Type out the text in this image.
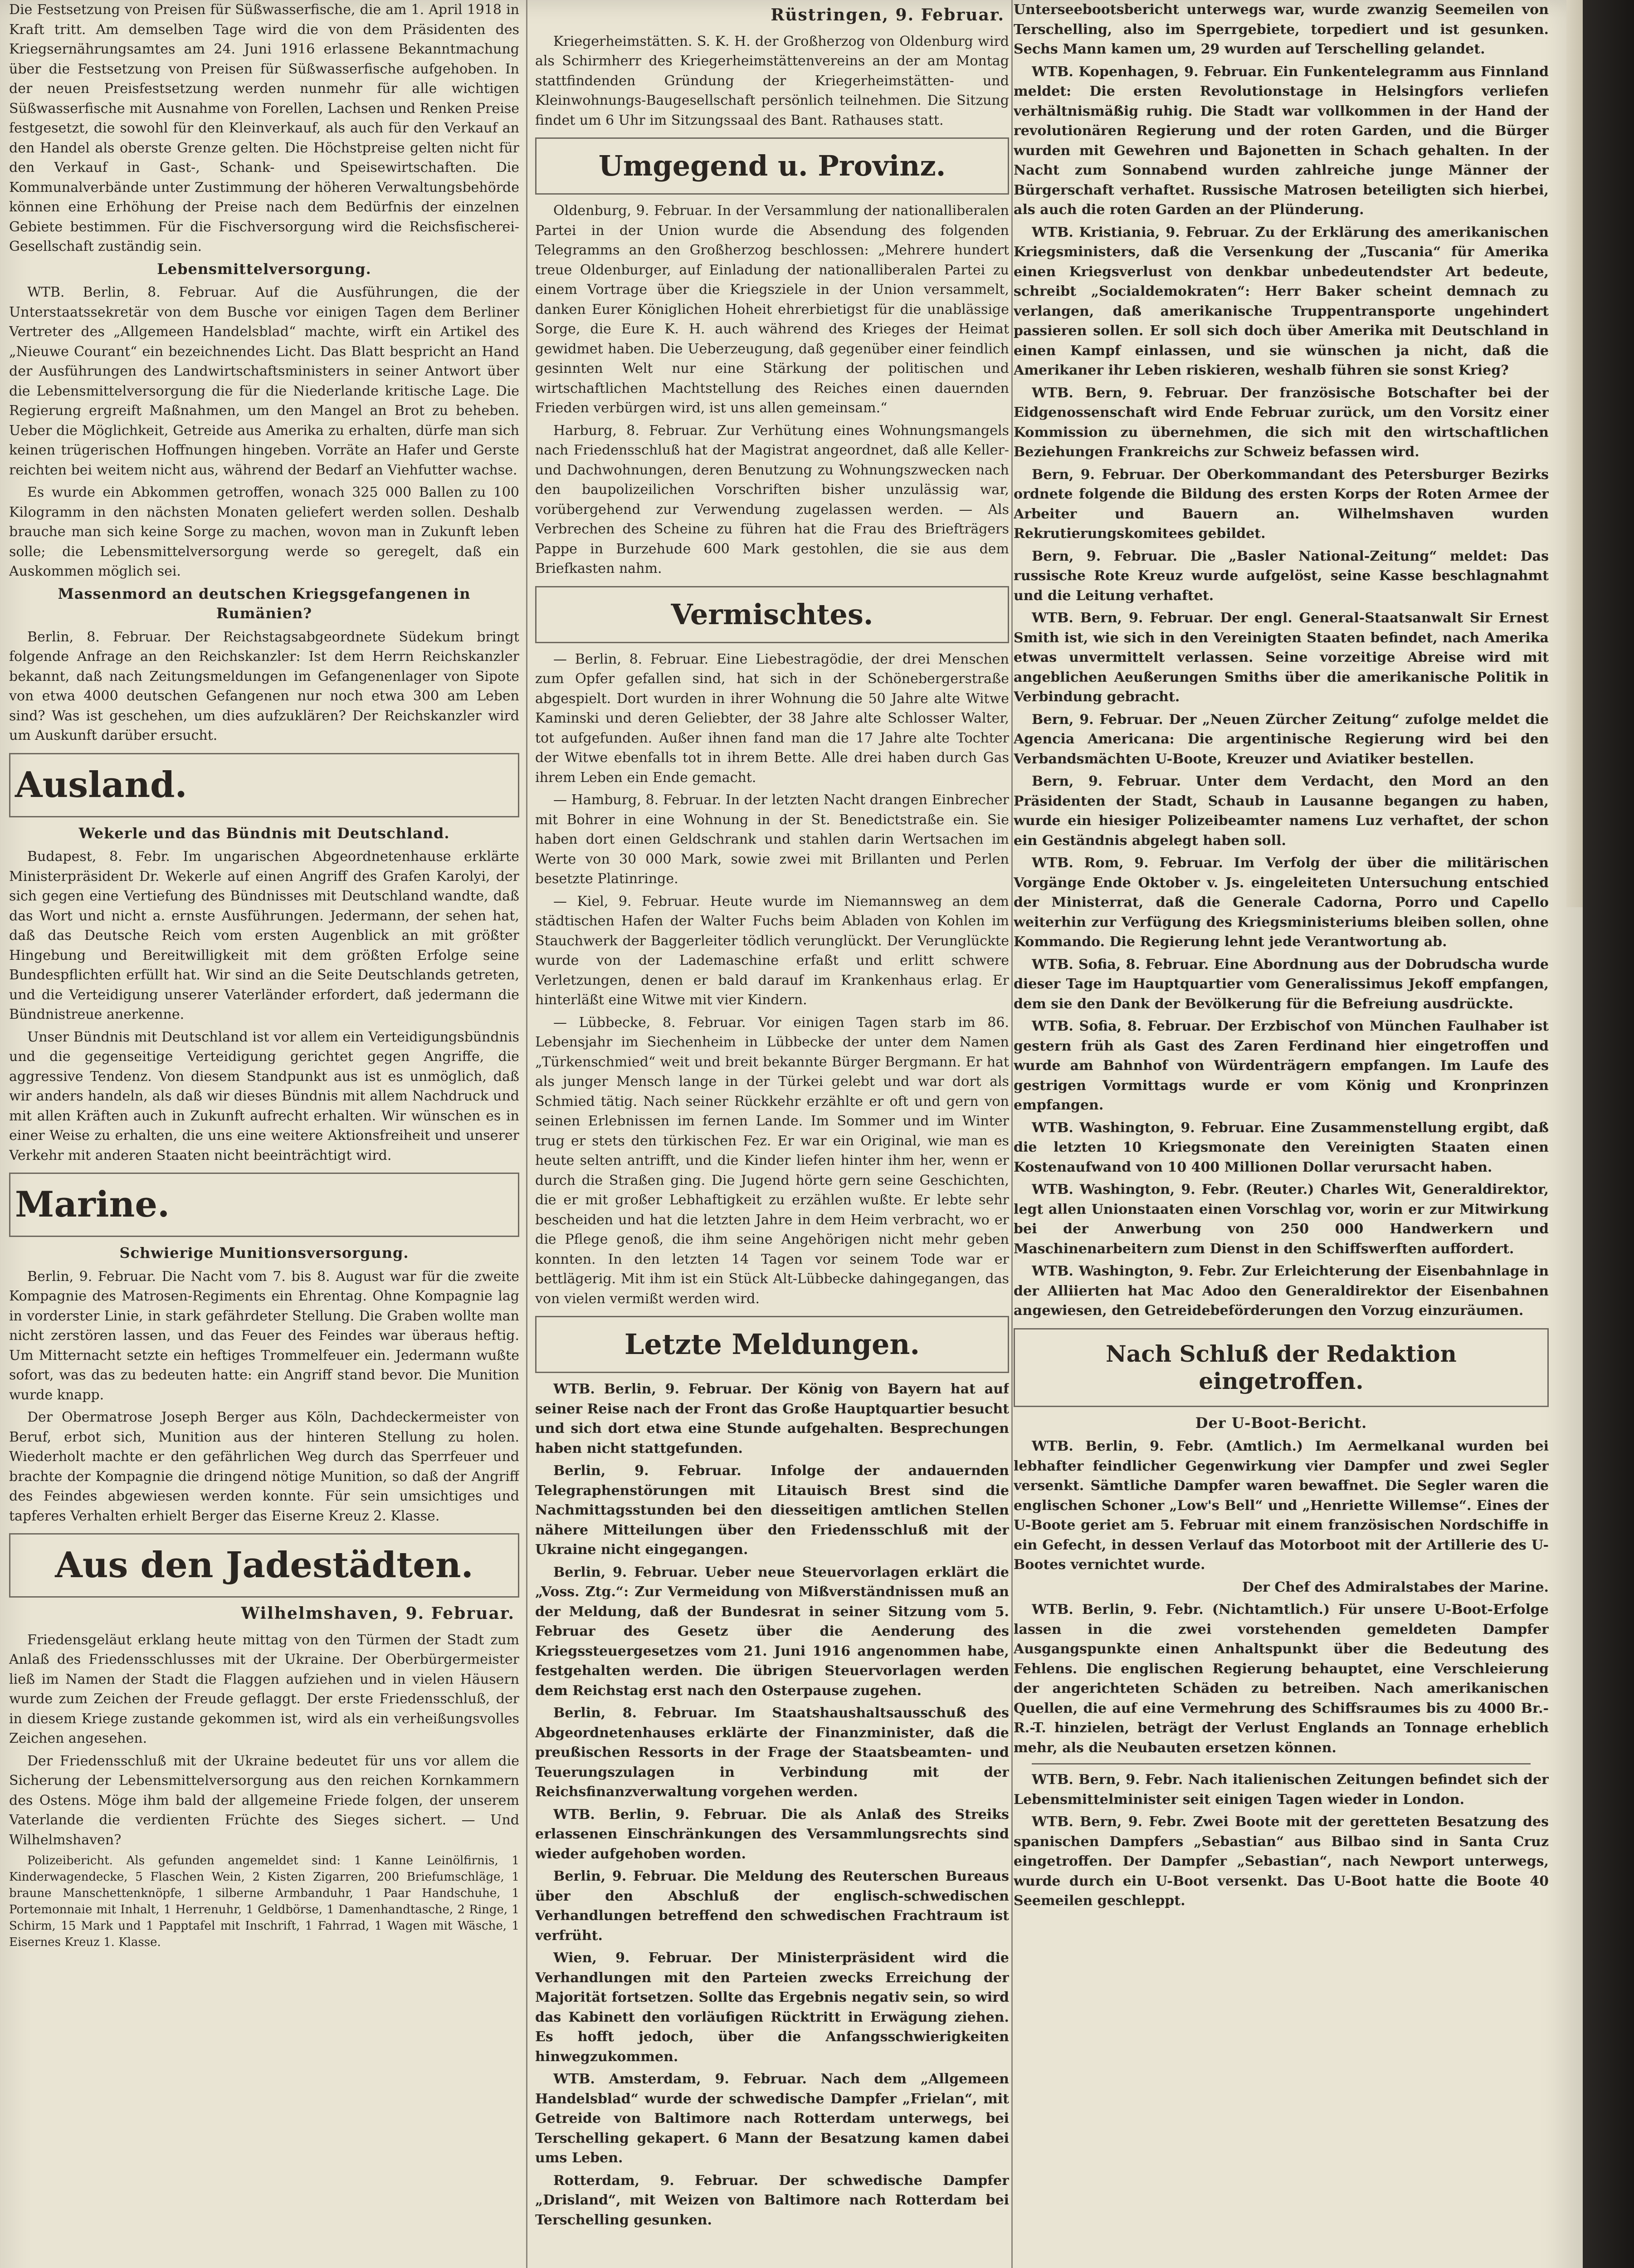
Die Festsetzung von Preisen für Süßwasserfische, die am 1. April 1918 in Kraft tritt. Am demselben Tage wird die von dem Präsidenten des Kriegsernährungsamtes am 24. Juni 1916 erlassene Bekanntmachung über die Festsetzung von Preisen für Süßwasserfische aufgehoben. In der neuen Preisfestsetzung werden nunmehr für alle wichtigen Süßwasserfische mit Ausnahme von Forellen, Lachsen und Renken Preise festgesetzt, die sowohl für den Kleinverkauf, als auch für den Verkauf an den Handel als oberste Grenze gelten. Die Höchstpreise gelten nicht für den Verkauf in Gast-, Schank- und Speisewirtschaften. Die Kommunalverbände unter Zustimmung der höheren Verwaltungsbehörde können eine Erhöhung der Preise nach dem Bedürfnis der einzelnen Gebiete bestimmen. Für die Fischversorgung wird die Reichsfischerei-Gesellschaft zuständig sein.

Lebensmittelversorgung.

WTB. Berlin, 8. Februar. Auf die Ausführungen, die der Unterstaatssekretär von dem Busche vor einigen Tagen dem Berliner Vertreter des „Allgemeen Handelsblad“ machte, wirft ein Artikel des „Nieuwe Courant“ ein bezeichnendes Licht. Das Blatt bespricht an Hand der Ausführungen des Landwirtschaftsministers in seiner Antwort über die Lebensmittelversorgung die für die Niederlande kritische Lage. Die Regierung ergreift Maßnahmen, um den Mangel an Brot zu beheben. Ueber die Möglichkeit, Getreide aus Amerika zu erhalten, dürfe man sich keinen trügerischen Hoffnungen hingeben. Vorräte an Hafer und Gerste reichten bei weitem nicht aus, während der Bedarf an Viehfutter wachse.

Es wurde ein Abkommen getroffen, wonach 325 000 Ballen zu 100 Kilogramm in den nächsten Monaten geliefert werden sollen. Deshalb brauche man sich keine Sorge zu machen, wovon man in Zukunft leben solle; die Lebensmittelversorgung werde so geregelt, daß ein Auskommen möglich sei.

Massenmord an deutschen Kriegsgefangenen in Rumänien?

Berlin, 8. Februar. Der Reichstagsabgeordnete Südekum bringt folgende Anfrage an den Reichskanzler: Ist dem Herrn Reichskanzler bekannt, daß nach Zeitungsmeldungen im Gefangenenlager von Sipote von etwa 4000 deutschen Gefangenen nur noch etwa 300 am Leben sind? Was ist geschehen, um dies aufzuklären? Der Reichskanzler wird um Auskunft darüber ersucht.

Ausland.
Wekerle und das Bündnis mit Deutschland.

Budapest, 8. Febr. Im ungarischen Abgeordnetenhause erklärte Ministerpräsident Dr. Wekerle auf einen Angriff des Grafen Karolyi, der sich gegen eine Vertiefung des Bündnisses mit Deutschland wandte, daß das Wort und nicht a. ernste Ausführungen. Jedermann, der sehen hat, daß das Deutsche Reich vom ersten Augenblick an mit größter Hingebung und Bereitwilligkeit mit dem größten Erfolge seine Bundespflichten erfüllt hat. Wir sind an die Seite Deutschlands getreten, und die Verteidigung unserer Vaterländer erfordert, daß jedermann die Bündnistreue anerkenne.

Unser Bündnis mit Deutschland ist vor allem ein Verteidigungsbündnis und die gegenseitige Verteidigung gerichtet gegen Angriffe, die aggressive Tendenz. Von diesem Standpunkt aus ist es unmöglich, daß wir anders handeln, als daß wir dieses Bündnis mit allem Nachdruck und mit allen Kräften auch in Zukunft aufrecht erhalten. Wir wünschen es in einer Weise zu erhalten, die uns eine weitere Aktionsfreiheit und unserer Verkehr mit anderen Staaten nicht beeinträchtigt wird.

Marine.
Schwierige Munitionsversorgung.

Berlin, 9. Februar. Die Nacht vom 7. bis 8. August war für die zweite Kompagnie des Matrosen-Regiments ein Ehrentag. Ohne Kompagnie lag in vorderster Linie, in stark gefährdeter Stellung. Die Graben wollte man nicht zerstören lassen, und das Feuer des Feindes war überaus heftig. Um Mitternacht setzte ein heftiges Trommelfeuer ein. Jedermann wußte sofort, was das zu bedeuten hatte: ein Angriff stand bevor. Die Munition wurde knapp.

Der Obermatrose Joseph Berger aus Köln, Dachdeckermeister von Beruf, erbot sich, Munition aus der hinteren Stellung zu holen. Wiederholt machte er den gefährlichen Weg durch das Sperrfeuer und brachte der Kompagnie die dringend nötige Munition, so daß der Angriff des Feindes abgewiesen werden konnte. Für sein umsichtiges und tapferes Verhalten erhielt Berger das Eiserne Kreuz 2. Klasse.

Aus den Jadestädten.
Wilhelmshaven, 9. Februar.

Friedensgeläut erklang heute mittag von den Türmen der Stadt zum Anlaß des Friedensschlusses mit der Ukraine. Der Oberbürgermeister ließ im Namen der Stadt die Flaggen aufziehen und in vielen Häusern wurde zum Zeichen der Freude geflaggt. Der erste Friedensschluß, der in diesem Kriege zustande gekommen ist, wird als ein verheißungsvolles Zeichen angesehen.

Der Friedensschluß mit der Ukraine bedeutet für uns vor allem die Sicherung der Lebensmittelversorgung aus den reichen Kornkammern des Ostens. Möge ihm bald der allgemeine Friede folgen, der unserem Vaterlande die verdienten Früchte des Sieges sichert. — Und Wilhelmshaven?

Polizeibericht. Als gefunden angemeldet sind: 1 Kanne Leinölfirnis, 1 Kinderwagendecke, 5 Flaschen Wein, 2 Kisten Zigarren, 200 Briefumschläge, 1 braune Manschettenknöpfe, 1 silberne Armbanduhr, 1 Paar Handschuhe, 1 Portemonnaie mit Inhalt, 1 Herrenuhr, 1 Geldbörse, 1 Damenhandtasche, 2 Ringe, 1 Schirm, 15 Mark und 1 Papptafel mit Inschrift, 1 Fahrrad, 1 Wagen mit Wäsche, 1 Eisernes Kreuz 1. Klasse.

Rüstringen, 9. Februar.

Kriegerheimstätten. S. K. H. der Großherzog von Oldenburg wird als Schirmherr des Kriegerheimstättenvereins an der am Montag stattfindenden Gründung der Kriegerheimstätten- und Kleinwohnungs-Baugesellschaft persönlich teilnehmen. Die Sitzung findet um 6 Uhr im Sitzungssaal des Bant. Rathauses statt.

Umgegend u. Provinz.

Oldenburg, 9. Februar. In der Versammlung der nationalliberalen Partei in der Union wurde die Absendung des folgenden Telegramms an den Großherzog beschlossen: „Mehrere hundert treue Oldenburger, auf Einladung der nationalliberalen Partei zu einem Vortrage über die Kriegsziele in der Union versammelt, danken Eurer Königlichen Hoheit ehrerbietigst für die unablässige Sorge, die Eure K. H. auch während des Krieges der Heimat gewidmet haben. Die Ueberzeugung, daß gegenüber einer feindlich gesinnten Welt nur eine Stärkung der politischen und wirtschaftlichen Machtstellung des Reiches einen dauernden Frieden verbürgen wird, ist uns allen gemeinsam.“

Harburg, 8. Februar. Zur Verhütung eines Wohnungsmangels nach Friedensschluß hat der Magistrat angeordnet, daß alle Keller- und Dachwohnungen, deren Benutzung zu Wohnungszwecken nach den baupolizeilichen Vorschriften bisher unzulässig war, vorübergehend zur Verwendung zugelassen werden. — Als Verbrechen des Scheine zu führen hat die Frau des Briefträgers Pappe in Burzehude 600 Mark gestohlen, die sie aus dem Briefkasten nahm.

Vermischtes.

— Berlin, 8. Februar. Eine Liebestragödie, der drei Menschen zum Opfer gefallen sind, hat sich in der Schönebergerstraße abgespielt. Dort wurden in ihrer Wohnung die 50 Jahre alte Witwe Kaminski und deren Geliebter, der 38 Jahre alte Schlosser Walter, tot aufgefunden. Außer ihnen fand man die 17 Jahre alte Tochter der Witwe ebenfalls tot in ihrem Bette. Alle drei haben durch Gas ihrem Leben ein Ende gemacht.

— Hamburg, 8. Februar. In der letzten Nacht drangen Einbrecher mit Bohrer in eine Wohnung in der St. Benedictstraße ein. Sie haben dort einen Geldschrank und stahlen darin Wertsachen im Werte von 30 000 Mark, sowie zwei mit Brillanten und Perlen besetzte Platinringe.

— Kiel, 9. Februar. Heute wurde im Niemannsweg an dem städtischen Hafen der Walter Fuchs beim Abladen von Kohlen im Stauchwerk der Baggerleiter tödlich verunglückt. Der Verunglückte wurde von der Lademaschine erfaßt und erlitt schwere Verletzungen, denen er bald darauf im Krankenhaus erlag. Er hinterläßt eine Witwe mit vier Kindern.

— Lübbecke, 8. Februar. Vor einigen Tagen starb im 86. Lebensjahr im Siechenheim in Lübbecke der unter dem Namen „Türkenschmied“ weit und breit bekannte Bürger Bergmann. Er hat als junger Mensch lange in der Türkei gelebt und war dort als Schmied tätig. Nach seiner Rückkehr erzählte er oft und gern von seinen Erlebnissen im fernen Lande. Im Sommer und im Winter trug er stets den türkischen Fez. Er war ein Original, wie man es heute selten antrifft, und die Kinder liefen hinter ihm her, wenn er durch die Straßen ging. Die Jugend hörte gern seine Geschichten, die er mit großer Lebhaftigkeit zu erzählen wußte. Er lebte sehr bescheiden und hat die letzten Jahre in dem Heim verbracht, wo er die Pflege genoß, die ihm seine Angehörigen nicht mehr geben konnten. In den letzten 14 Tagen vor seinem Tode war er bettlägerig. Mit ihm ist ein Stück Alt-Lübbecke dahingegangen, das von vielen vermißt werden wird.

Letzte Meldungen.

WTB. Berlin, 9. Februar. Der König von Bayern hat auf seiner Reise nach der Front das Große Hauptquartier besucht und sich dort etwa eine Stunde aufgehalten. Besprechungen haben nicht stattgefunden.

Berlin, 9. Februar. Infolge der andauernden Telegraphenstörungen mit Litauisch Brest sind die Nachmittagsstunden bei den diesseitigen amtlichen Stellen nähere Mitteilungen über den Friedensschluß mit der Ukraine nicht eingegangen.

Berlin, 9. Februar. Ueber neue Steuervorlagen erklärt die „Voss. Ztg.“: Zur Vermeidung von Mißverständnissen muß an der Meldung, daß der Bundesrat in seiner Sitzung vom 5. Februar des Gesetz über die Aenderung des Kriegssteuergesetzes vom 21. Juni 1916 angenommen habe, festgehalten werden. Die übrigen Steuervorlagen werden dem Reichstag erst nach den Osterpause zugehen.

Berlin, 8. Februar. Im Staatshaushaltsausschuß des Abgeordnetenhauses erklärte der Finanzminister, daß die preußischen Ressorts in der Frage der Staatsbeamten- und Teuerungszulagen in Verbindung mit der Reichsfinanzverwaltung vorgehen werden.

WTB. Berlin, 9. Februar. Die als Anlaß des Streiks erlassenen Einschränkungen des Versammlungsrechts sind wieder aufgehoben worden.

Berlin, 9. Februar. Die Meldung des Reuterschen Bureaus über den Abschluß der englisch-schwedischen Verhandlungen betreffend den schwedischen Frachtraum ist verfrüht.

Wien, 9. Februar. Der Ministerpräsident wird die Verhandlungen mit den Parteien zwecks Erreichung der Majorität fortsetzen. Sollte das Ergebnis negativ sein, so wird das Kabinett den vorläufigen Rücktritt in Erwägung ziehen. Es hofft jedoch, über die Anfangsschwierigkeiten hinwegzukommen.

WTB. Amsterdam, 9. Februar. Nach dem „Allgemeen Handelsblad“ wurde der schwedische Dampfer „Frielan“, mit Getreide von Baltimore nach Rotterdam unterwegs, bei Terschelling gekapert. 6 Mann der Besatzung kamen dabei ums Leben.

Rotterdam, 9. Februar. Der schwedische Dampfer „Drisland“, mit Weizen von Baltimore nach Rotterdam bei Terschelling gesunken.

Unterseebootsbericht unterwegs war, wurde zwanzig Seemeilen von Terschelling, also im Sperrgebiete, torpediert und ist gesunken. Sechs Mann kamen um, 29 wurden auf Terschelling gelandet.

WTB. Kopenhagen, 9. Februar. Ein Funkentelegramm aus Finnland meldet: Die ersten Revolutionstage in Helsingfors verliefen verhältnismäßig ruhig. Die Stadt war vollkommen in der Hand der revolutionären Regierung und der roten Garden, und die Bürger wurden mit Gewehren und Bajonetten in Schach gehalten. In der Nacht zum Sonnabend wurden zahlreiche junge Männer der Bürgerschaft verhaftet. Russische Matrosen beteiligten sich hierbei, als auch die roten Garden an der Plünderung.

WTB. Kristiania, 9. Februar. Zu der Erklärung des amerikanischen Kriegsministers, daß die Versenkung der „Tuscania“ für Amerika einen Kriegsverlust von denkbar unbedeutendster Art bedeute, schreibt „Socialdemokraten“: Herr Baker scheint demnach zu verlangen, daß amerikanische Truppentransporte ungehindert passieren sollen. Er soll sich doch über Amerika mit Deutschland in einen Kampf einlassen, und sie wünschen ja nicht, daß die Amerikaner ihr Leben riskieren, weshalb führen sie sonst Krieg?

WTB. Bern, 9. Februar. Der französische Botschafter bei der Eidgenossenschaft wird Ende Februar zurück, um den Vorsitz einer Kommission zu übernehmen, die sich mit den wirtschaftlichen Beziehungen Frankreichs zur Schweiz befassen wird.

Bern, 9. Februar. Der Oberkommandant des Petersburger Bezirks ordnete folgende die Bildung des ersten Korps der Roten Armee der Arbeiter und Bauern an. Wilhelmshaven wurden Rekrutierungskomitees gebildet.

Bern, 9. Februar. Die „Basler National-Zeitung“ meldet: Das russische Rote Kreuz wurde aufgelöst, seine Kasse beschlagnahmt und die Leitung verhaftet.

WTB. Bern, 9. Februar. Der engl. General-Staatsanwalt Sir Ernest Smith ist, wie sich in den Vereinigten Staaten befindet, nach Amerika etwas unvermittelt verlassen. Seine vorzeitige Abreise wird mit angeblichen Aeußerungen Smiths über die amerikanische Politik in Verbindung gebracht.

Bern, 9. Februar. Der „Neuen Zürcher Zeitung“ zufolge meldet die Agencia Americana: Die argentinische Regierung wird bei den Verbandsmächten U-Boote, Kreuzer und Aviatiker bestellen.

Bern, 9. Februar. Unter dem Verdacht, den Mord an den Präsidenten der Stadt, Schaub in Lausanne begangen zu haben, wurde ein hiesiger Polizeibeamter namens Luz verhaftet, der schon ein Geständnis abgelegt haben soll.

WTB. Rom, 9. Februar. Im Verfolg der über die militärischen Vorgänge Ende Oktober v. Js. eingeleiteten Untersuchung entschied der Ministerrat, daß die Generale Cadorna, Porro und Capello weiterhin zur Verfügung des Kriegsministeriums bleiben sollen, ohne Kommando. Die Regierung lehnt jede Verantwortung ab.

WTB. Sofia, 8. Februar. Eine Abordnung aus der Dobrudscha wurde dieser Tage im Hauptquartier vom Generalissimus Jekoff empfangen, dem sie den Dank der Bevölkerung für die Befreiung ausdrückte.

WTB. Sofia, 8. Februar. Der Erzbischof von München Faulhaber ist gestern früh als Gast des Zaren Ferdinand hier eingetroffen und wurde am Bahnhof von Würdenträgern empfangen. Im Laufe des gestrigen Vormittags wurde er vom König und Kronprinzen empfangen.

WTB. Washington, 9. Februar. Eine Zusammenstellung ergibt, daß die letzten 10 Kriegsmonate den Vereinigten Staaten einen Kostenaufwand von 10 400 Millionen Dollar verursacht haben.

WTB. Washington, 9. Febr. (Reuter.) Charles Wit, Generaldirektor, legt allen Unionstaaten einen Vorschlag vor, worin er zur Mitwirkung bei der Anwerbung von 250 000 Handwerkern und Maschinenarbeitern zum Dienst in den Schiffswerften auffordert.

WTB. Washington, 9. Febr. Zur Erleichterung der Eisenbahnlage in der Alliierten hat Mac Adoo den Generaldirektor der Eisenbahnen angewiesen, den Getreidebeförderungen den Vorzug einzuräumen.

Nach Schluß der Redaktion eingetroffen.
Der U-Boot-Bericht.

WTB. Berlin, 9. Febr. (Amtlich.) Im Aermelkanal wurden bei lebhafter feindlicher Gegenwirkung vier Dampfer und zwei Segler versenkt. Sämtliche Dampfer waren bewaffnet. Die Segler waren die englischen Schoner „Low's Bell“ und „Henriette Willemse“. Eines der U-Boote geriet am 5. Februar mit einem französischen Nordschiffe in ein Gefecht, in dessen Verlauf das Motorboot mit der Artillerie des U-Bootes vernichtet wurde.

Der Chef des Admiralstabes der Marine.

WTB. Berlin, 9. Febr. (Nichtamtlich.) Für unsere U-Boot-Erfolge lassen in die zwei vorstehenden gemeldeten Dampfer Ausgangspunkte einen Anhaltspunkt über die Bedeutung des Fehlens. Die englischen Regierung behauptet, eine Verschleierung der angerichteten Schäden zu betreiben. Nach amerikanischen Quellen, die auf eine Vermehrung des Schiffsraumes bis zu 4000 Br.-R.-T. hinzielen, beträgt der Verlust Englands an Tonnage erheblich mehr, als die Neubauten ersetzen können.

WTB. Bern, 9. Febr. Nach italienischen Zeitungen befindet sich der Lebensmittelminister seit einigen Tagen wieder in London.

WTB. Bern, 9. Febr. Zwei Boote mit der geretteten Besatzung des spanischen Dampfers „Sebastian“ aus Bilbao sind in Santa Cruz eingetroffen. Der Dampfer „Sebastian“, nach Newport unterwegs, wurde durch ein U-Boot versenkt. Das U-Boot hatte die Boote 40 Seemeilen geschleppt.
